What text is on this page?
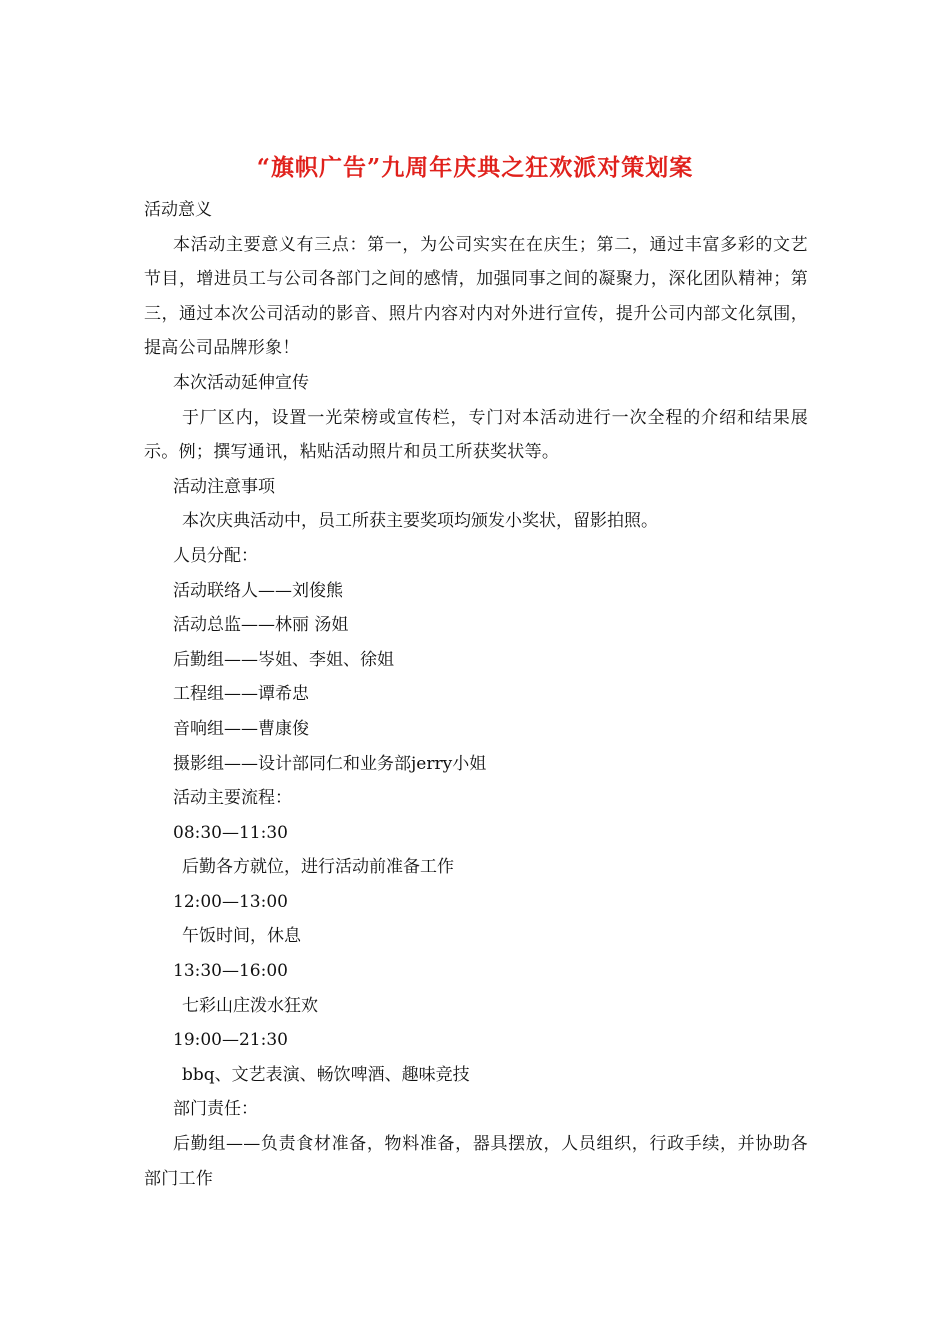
“旗帜广告”九周年庆典之狂欢派对策划案
活动意义
本活动主要意义有三点：第一，为公司实实在在庆生；第二，通过丰富多彩的文艺节目，增进员工与公司各部门之间的感情，加强同事之间的凝聚力，深化团队精神；第三，通过本次公司活动的影音、照片内容对内对外进行宣传，提升公司内部文化氛围，提高公司品牌形象！
本次活动延伸宣传
于厂区内，设置一光荣榜或宣传栏，专门对本活动进行一次全程的介绍和结果展示。例；撰写通讯，粘贴活动照片和员工所获奖状等。
活动注意事项
本次庆典活动中，员工所获主要奖项均颁发小奖状，留影拍照。
人员分配：
活动联络人——刘俊熊
活动总监——林丽 汤姐
后勤组——岑姐、李姐、徐姐
工程组——谭希忠
音响组——曹康俊
摄影组——设计部同仁和业务部jerry小姐
活动主要流程：
08:30—11:30
后勤各方就位，进行活动前准备工作
12:00—13:00
午饭时间，休息
13:30—16:00
七彩山庄泼水狂欢
19:00—21:30
bbq、文艺表演、畅饮啤酒、趣味竞技
部门责任：
后勤组——负责食材准备，物料准备，器具摆放，人员组织，行政手续，并协助各部门工作
